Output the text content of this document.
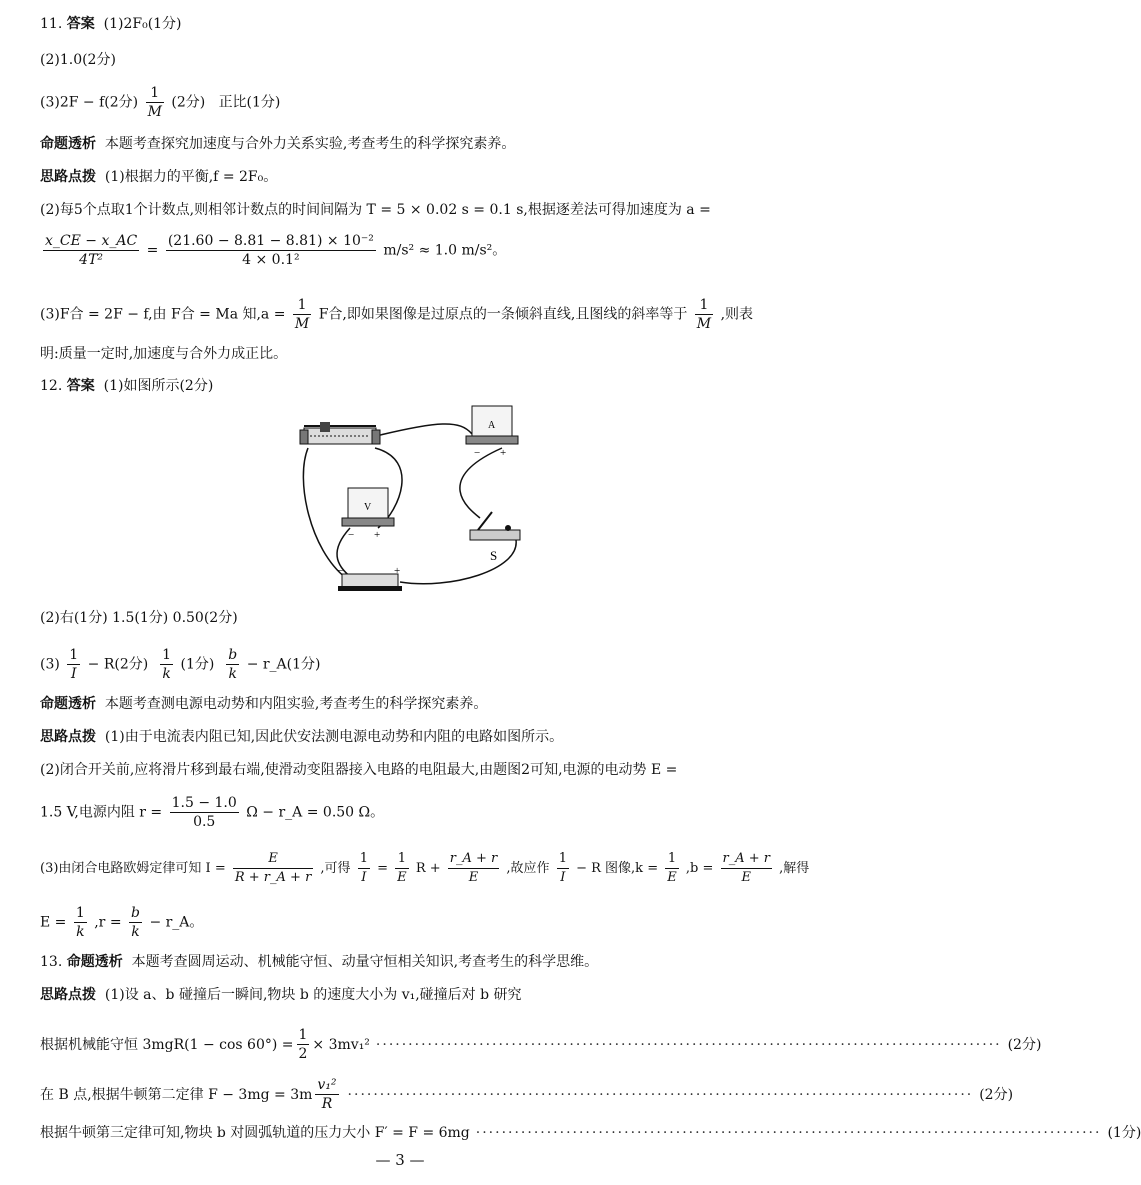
11. 答案 (1)2F₀(1分)
(2)1.0(2分)
(3)2F − f(2分) $\frac{1}{M} (2$分) 正比(1分)
命题透析 本题考查探究加速度与合外力关系实验,考查考生的科学探究素养。
思路点拨 (1)根据力的平衡,f = 2F₀。
(2)每5个点取1个计数点,则相邻计数点的时间间隔为 T = 5 × 0.02 s = 0.1 s,根据逐差法可得加速度为 a =
$\frac{x\_CE - x\_AC}{\text{4T²}} = \frac{\text{(21.60 − 8.81 − 8.81) × 10⁻²}}{\text{4 × 0.1²}} m/s^2 \approx 1.0$ m/s²。
(3)F合 = 2F − f,由 F合 = Ma 知$,a = \frac{1}{M}$ F合,即如果图像是过原点的一条倾斜直线,且图线的斜率等于 $\frac{1}{M}$ ,则表
明:质量一定时,加速度与合外力成正比。
12. 答案 (1)如图所示(2分)
A
− +
V
− +
S
−	+
(2)右(1分) 1.5(1分) 0.50(2分)
$(3) \frac{1}{I} - R(2$分) $\frac{1}{k} (1$分) $\frac{b}{k}$ − r_A(1分)
命题透析 本题考查测电源电动势和内阻实验,考查考生的科学探究素养。
思路点拨 (1)由于电流表内阻已知,因此伏安法测电源电动势和内阻的电路如图所示。
(2)闭合开关前,应将滑片移到最右端,使滑动变阻器接入电路的电阻最大,由题图2可知,电源的电动势 E =
1.5 V,电源内阻 $r = \frac{1.5 - 1.0}{0.5}$ Ω − r_A = 0.50 Ω。
(3)由闭合电路欧姆定律可知 $I = \frac{E}{R + r\_A + r}$ ,可得 $\frac{1}{I} = \frac{1}{E}$ $R + \frac{r\_A + r}{E}$ ,故应作 $\frac{1}{I} - R$ 图像$,k = \frac{1}{E} ,b = \frac{r\_A + r}{E}$ ,解得
$E = \frac{1}{k} ,r = \frac{b}{k}$ − r_A。
13. 命题透析 本题考查圆周运动、机械能守恒、动量守恒相关知识,考查考生的科学思维。
思路点拨 (1)设 a、b 碰撞后一瞬间,物块 b 的速度大小为 v₁,碰撞后对 b 研究
根据机械能守恒 $3mgR(1 - \cos 60^\circ) = \frac{1}{2} \times 3mv_1^2$ ································································································· (2分)
在 B 点,根据牛顿第二定律 F − 3mg = 3m
v₁²
R
································································································· (2分)
根据牛顿第三定律可知,物块 b 对圆弧轨道的压力大小 F′ = F = 6mg ································································································· (1分)
— 3 —
